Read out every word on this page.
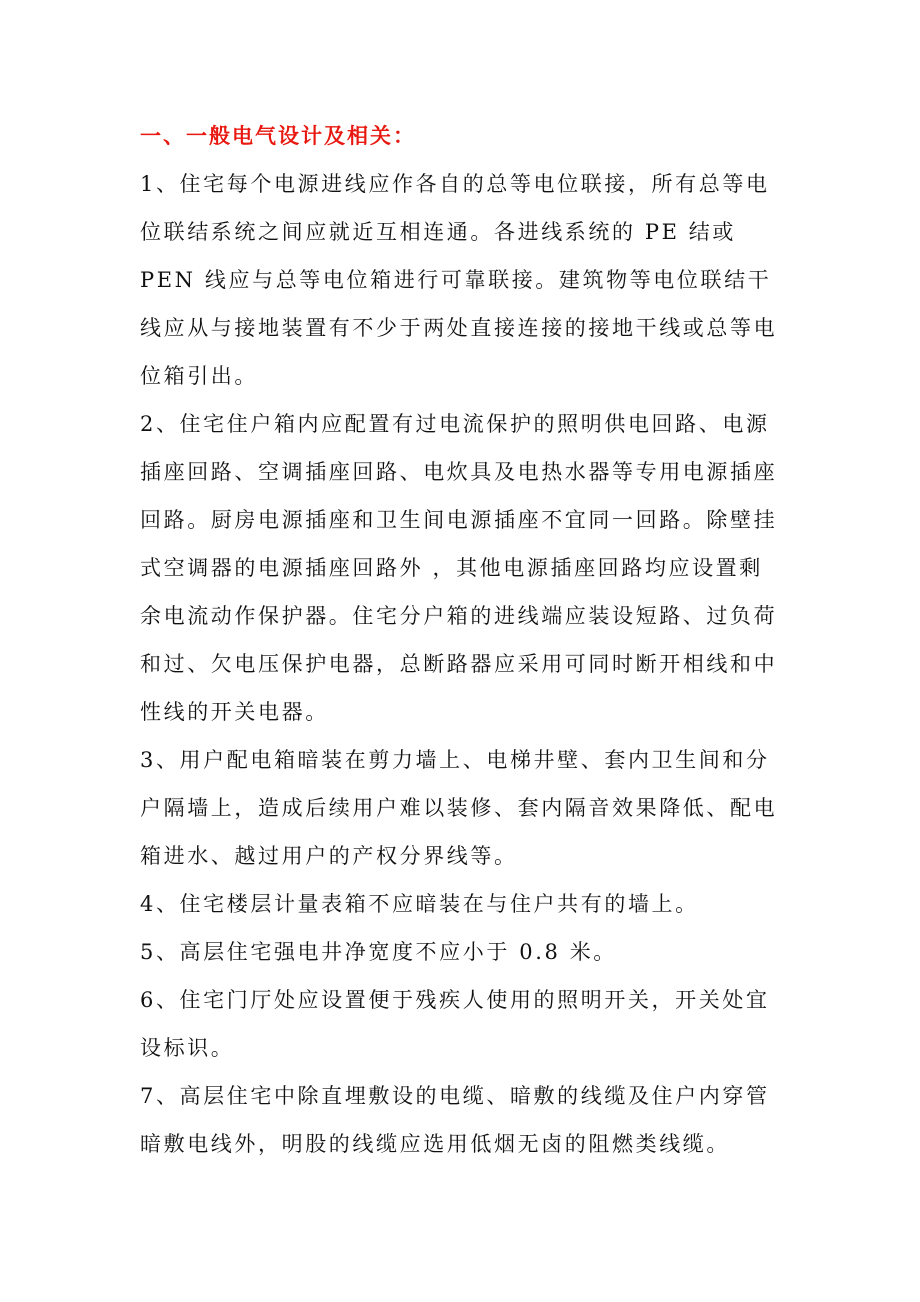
一、一般电气设计及相关：

1、住宅每个电源进线应作各自的总等电位联接，所有总等电位联结系统之间应就近互相连通。各进线系统的 PE 结或 PEN 线应与总等电位箱进行可靠联接。建筑物等电位联结干线应从与接地装置有不少于两处直接连接的接地干线或总等电位箱引出。

2、住宅住户箱内应配置有过电流保护的照明供电回路、电源插座回路、空调插座回路、电炊具及电热水器等专用电源插座回路。厨房电源插座和卫生间电源插座不宜同一回路。除壁挂式空调器的电源插座回路外 ，其他电源插座回路均应设置剩余电流动作保护器。住宅分户箱的进线端应装设短路、过负荷和过、欠电压保护电器，总断路器应采用可同时断开相线和中性线的开关电器。

3、用户配电箱暗装在剪力墙上、电梯井壁、套内卫生间和分户隔墙上，造成后续用户难以装修、套内隔音效果降低、配电箱进水、越过用户的产权分界线等。

4、住宅楼层计量表箱不应暗装在与住户共有的墙上。

5、高层住宅强电井净宽度不应小于 0.8 米。

6、住宅门厅处应设置便于残疾人使用的照明开关，开关处宜设标识。

7、高层住宅中除直埋敷设的电缆、暗敷的线缆及住户内穿管暗敷电线外，明股的线缆应选用低烟无卤的阻燃类线缆。
